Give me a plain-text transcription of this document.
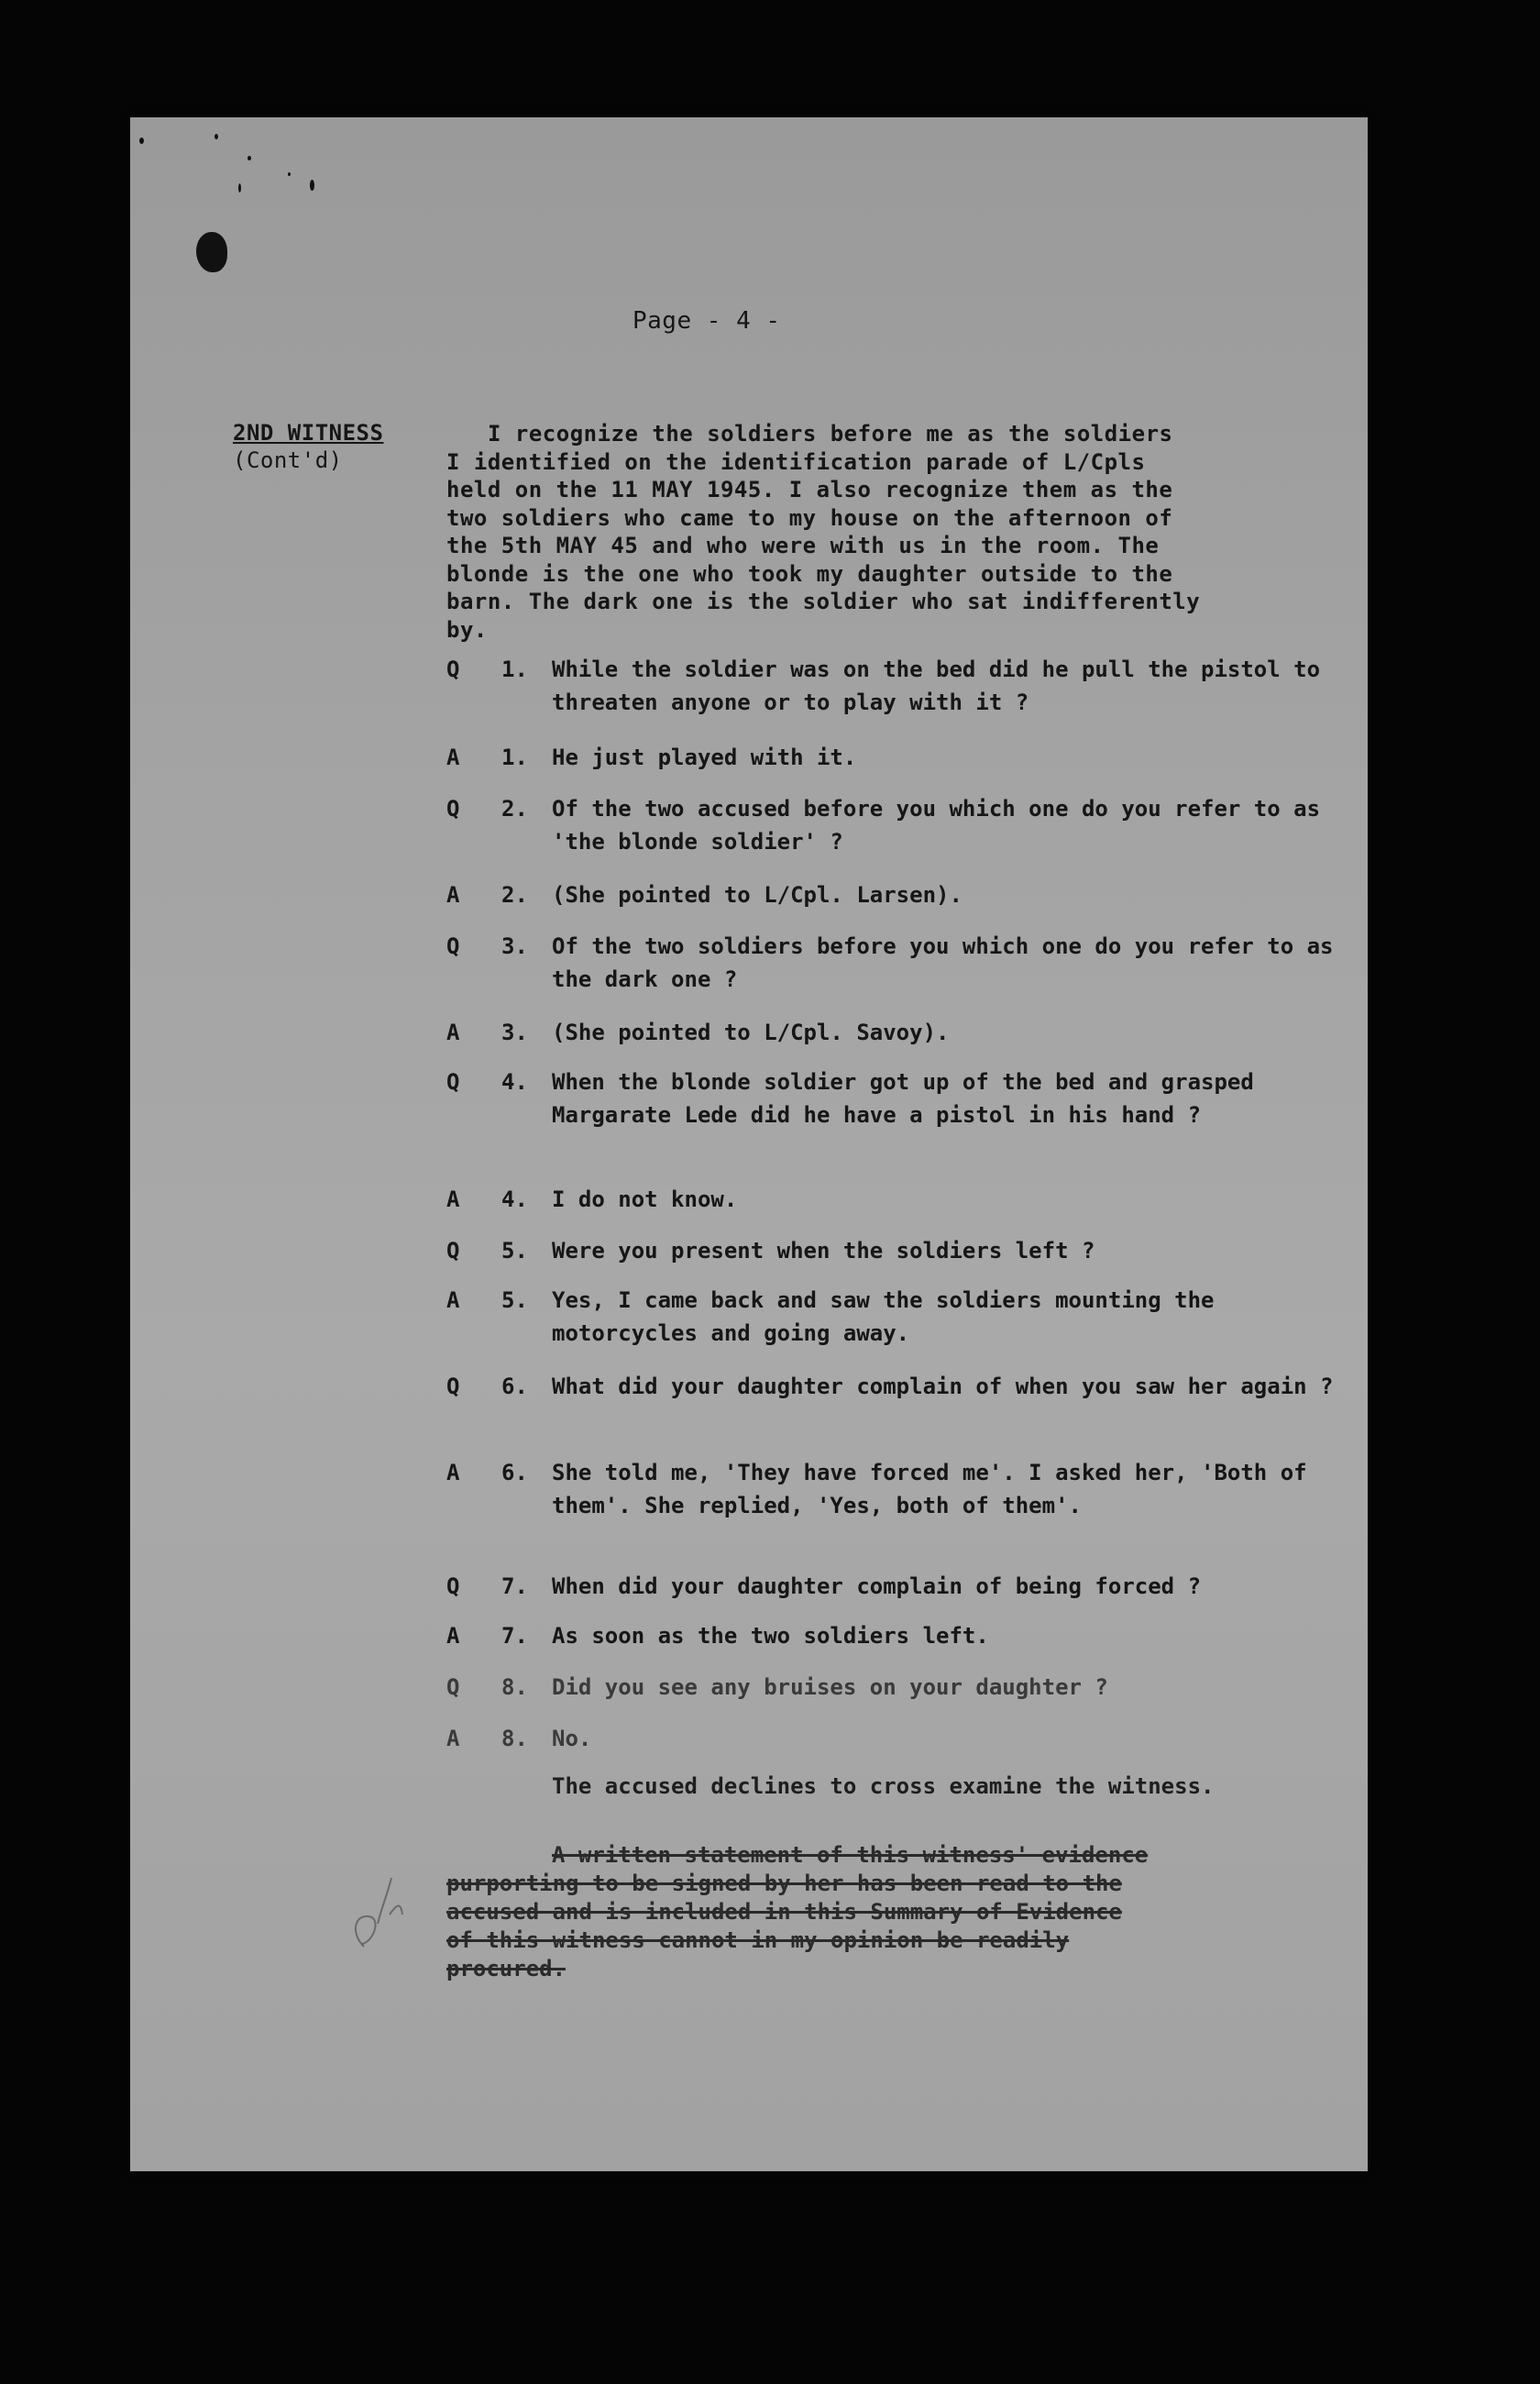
Page - 4 -
2ND WITNESS
(Cont'd)
I recognize the soldiers before me as the soldiers
I identified on the identification parade of L/Cpls
held on the 11 MAY 1945. I also recognize them as the
two soldiers who came to my house on the afternoon of
the 5th MAY 45 and who were with us in the room. The
blonde is the one who took my daughter outside to the
barn. The dark one is the soldier who sat indifferently
by.
Q 1. While the soldier was on the bed did he pull the pistol to threaten anyone or to play with it ?
A 1. He just played with it.
Q 2. Of the two accused before you which one do you refer to as 'the blonde soldier' ?
A 2. (She pointed to L/Cpl. Larsen).
Q 3. Of the two soldiers before you which one do you refer to as the dark one ?
A 3. (She pointed to L/Cpl. Savoy).
Q 4. When the blonde soldier got up of the bed and grasped Margarate Lede did he have a pistol in his hand ?
A 4. I do not know.
Q 5. Were you present when the soldiers left ?
A 5. Yes, I came back and saw the soldiers mounting the motorcycles and going away.
Q 6. What did your daughter complain of when you saw her again ?
A 6. She told me, 'They have forced me'. I asked her, 'Both of them'. She replied, 'Yes, both of them'.
Q 7. When did your daughter complain of being forced ?
A 7. As soon as the two soldiers left.
Q 8. Did you see any bruises on your daughter ?
A 8. No.
The accused declines to cross examine the witness.
A written statement of this witness' evidence
purporting to be signed by her has been read to the
accused and is included in this Summary of Evidence
of this witness cannot in my opinion be readily
procured.
